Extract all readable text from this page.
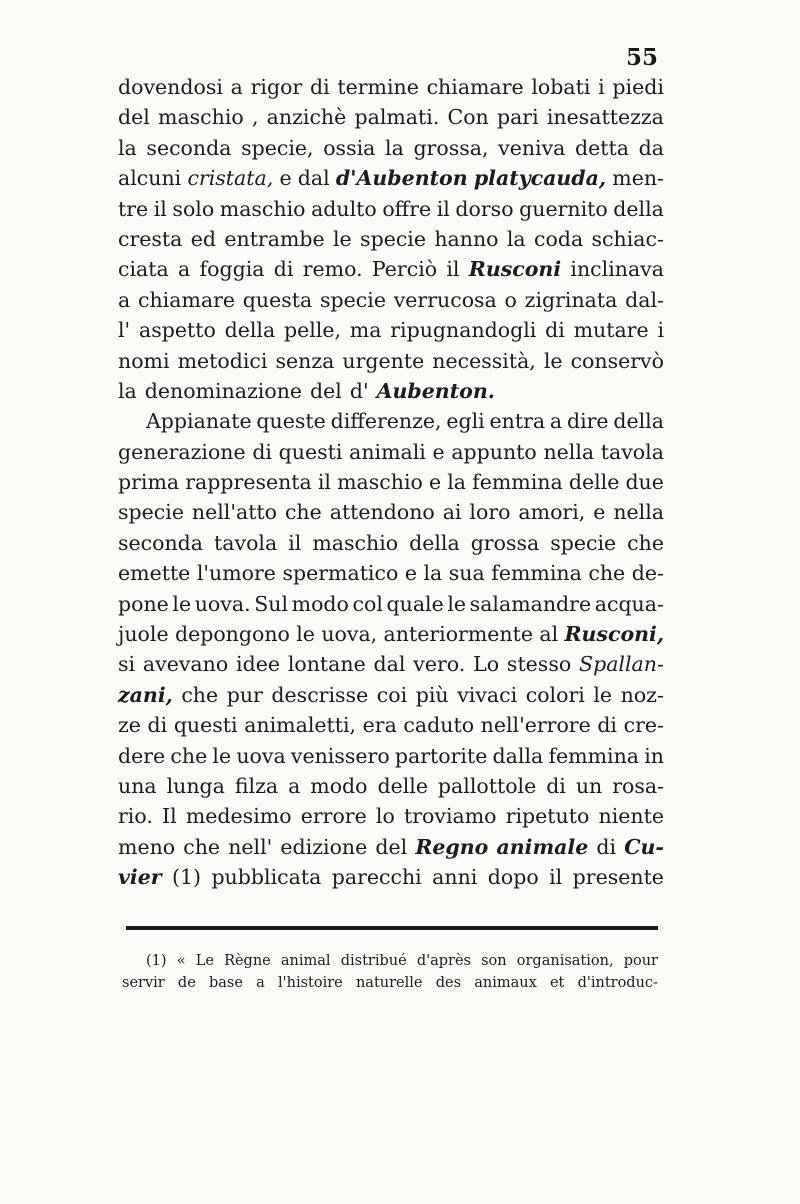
55
dovendosi a rigor di termine chiamare lobati i piedi
del maschio , anzichè palmati. Con pari inesattezza
la seconda specie, ossia la grossa, veniva detta da
alcuni cristata, e dal d'Aubenton platycauda, men-
tre il solo maschio adulto offre il dorso guernito della
cresta ed entrambe le specie hanno la coda schiac-
ciata a foggia di remo. Perciò il Rusconi inclinava
a chiamare questa specie verrucosa o zigrinata dal-
l' aspetto della pelle, ma ripugnandogli di mutare i
nomi metodici senza urgente necessità, le conservò
la denominazione del d' Aubenton.
Appianate queste differenze, egli entra a dire della
generazione di questi animali e appunto nella tavola
prima rappresenta il maschio e la femmina delle due
specie nell'atto che attendono ai loro amori, e nella
seconda tavola il maschio della grossa specie che
emette l'umore spermatico e la sua femmina che de-
pone le uova. Sul modo col quale le salamandre acqua-
juole depongono le uova, anteriormente al Rusconi,
si avevano idee lontane dal vero. Lo stesso Spallan-
zani, che pur descrisse coi più vivaci colori le noz-
ze di questi animaletti, era caduto nell'errore di cre-
dere che le uova venissero partorite dalla femmina in
una lunga filza a modo delle pallottole di un rosa-
rio. Il medesimo errore lo troviamo ripetuto niente
meno che nell' edizione del Regno animale di Cu-
vier (1) pubblicata parecchi anni dopo il presente
(1) « Le Règne animal distribué d'après son organisation, pour
servir de base a l'histoire naturelle des animaux et d'introduc-
